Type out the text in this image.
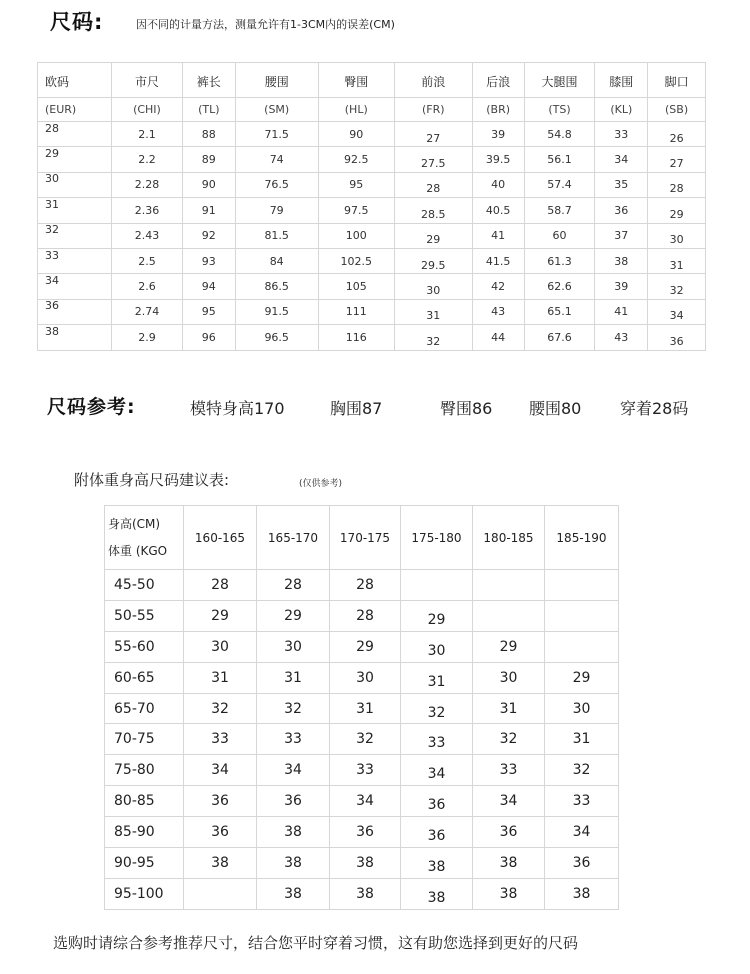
尺码:	因不同的计量方法，测量允许有1-3CM内的误差(CM)
欧码	市尺	裤长	腰围	臀围	前浪	后浪	大腿围	膝围	脚口
(EUR)	(CHI)	(TL)	(SM)	(HL)	(FR)	(BR)	(TS)	(KL)	(SB)
28	2.1	88	71.5	90	27	39	54.8	33	26
29	2.2	89	74	92.5	27.5	39.5	56.1	34	27
30	2.28	90	76.5	95	28	40	57.4	35	28
31	2.36	91	79	97.5	28.5	40.5	58.7	36	29
32	2.43	92	81.5	100	29	41	60	37	30
33	2.5	93	84	102.5	29.5	41.5	61.3	38	31
34	2.6	94	86.5	105	30	42	62.6	39	32
36	2.74	95	91.5	111	31	43	65.1	41	34
38	2.9	96	96.5	116	32	44	67.6	43	36
尺码参考:	模特身高170	胸围87	臀围86 腰围80 穿着28码
附体重身高尺码建议表:	(仅供参考)
身高(CM)
体重 (KGO	160-165	165-170	170-175	175-180	180-185	185-190
45-50	28	28	28			
50-55	29	29	28	29		
55-60	30	30	29	30	29	
60-65	31	31	30	31	30	29
65-70	32	32	31	32	31	30
70-75	33	33	32	33	32	31
75-80	34	34	33	34	33	32
80-85	36	36	34	36	34	33
85-90	36	38	36	36	36	34
90-95	38	38	38	38	38	36
95-100		38	38	38	38	38
选购时请综合参考推荐尺寸，结合您平时穿着习惯，这有助您选择到更好的尺码
